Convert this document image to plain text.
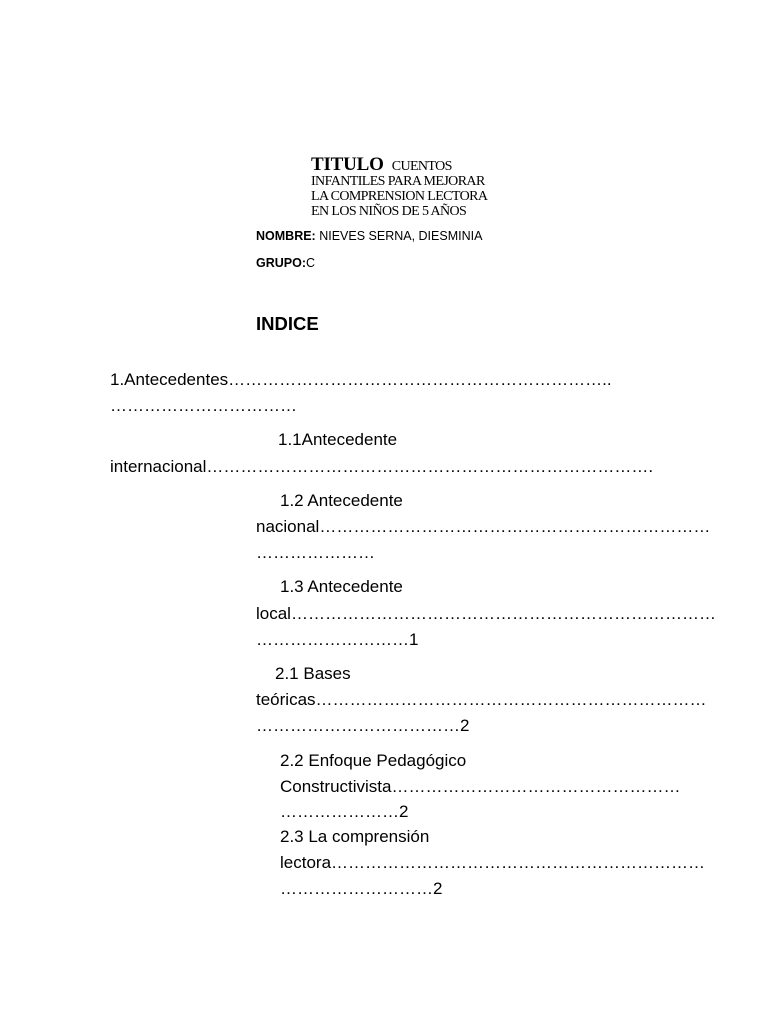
TITULO CUENTOS
INFANTILES PARA MEJORAR
LA COMPRENSION LECTORA
EN LOS NIÑOS DE 5 AÑOS

NOMBRE: NIEVES SERNA, DIESMINIA

GRUPO:C

INDICE

1.Antecedentes…………………………………………………………..

……………………………

1.1Antecedente

internacional…………………………………………………………………….

1.2 Antecedente

nacional……………………………………………………………

…………………

1.3 Antecedente

local…………………………………………………………………

………………………1

2.1 Bases

teóricas……………………………………………………………

………………………………2

2.2 Enfoque Pedagógico

Constructivista……………………………………………

…………………2

2.3 La comprensión

lectora…………………………………………………………

………………………2
